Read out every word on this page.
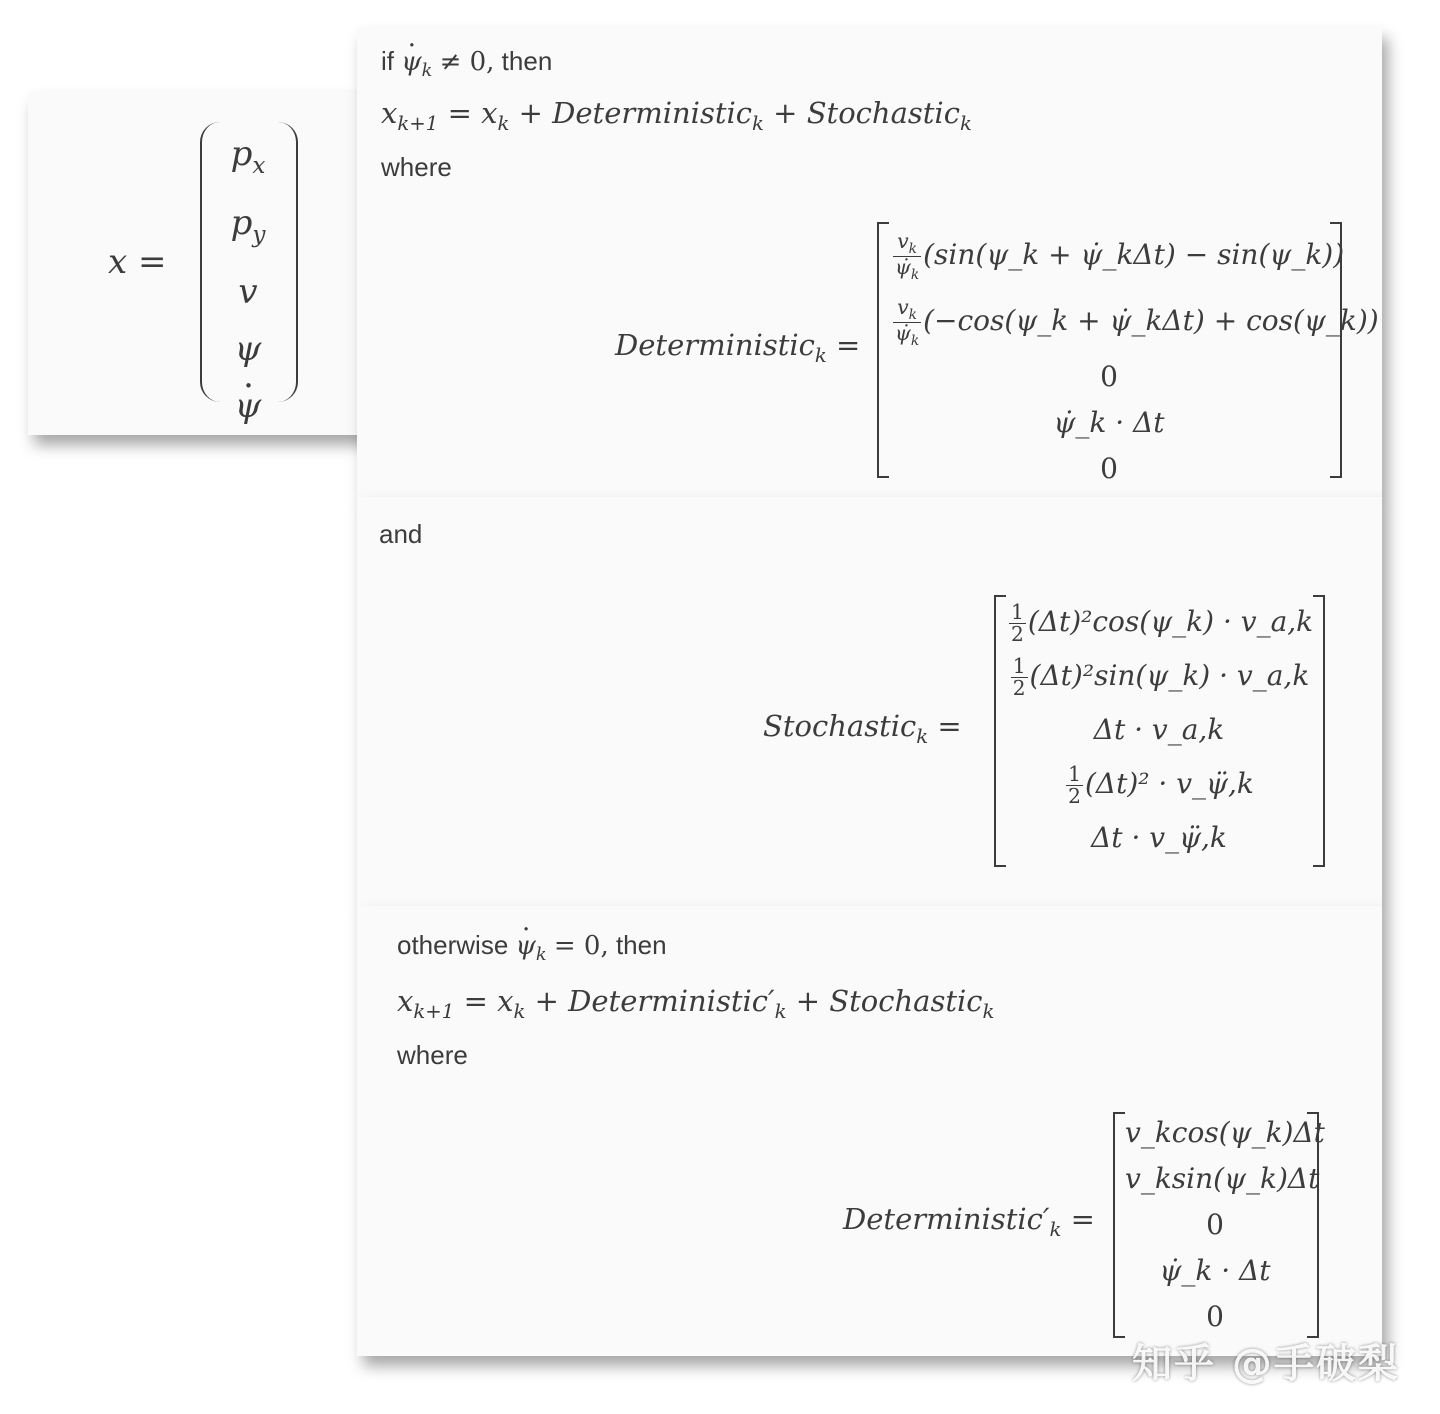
x =
$p_x$
$p_y$
v
ψ
· ψ
if · $\psi_k \ne 0$, then
$x_{k+1} = x_k$ + Deterministic$_k$ + Stochastic$_k$
where
Deterministic$_k$ =
$\frac{v_k}{\psi̇_k}$ (sin(ψ_k + ψ̇_kΔt) − sin(ψ_k))
$\frac{v_k}{\psi̇_k}$ (−cos(ψ_k + ψ̇_kΔt) + cos(ψ_k))
0
ψ̇_k · Δt
0
and
Stochastic$_k$ =
$\frac{1}{2}$ (Δt)²cos(ψ_k) · v_a,k
$\frac{1}{2}$ (Δt)²sin(ψ_k) · v_a,k
Δt · v_a,k
$\frac{1}{2} (\Delta t)^2$ · v_ψ̈,k
Δt · v_ψ̈,k
otherwise · $\psi_k = 0$, then
$x_{k+1} = x_k$ + $Deterministic'_k$ + Stochastic$_k$
where
$Deterministic'_k$ =
v_kcos(ψ_k)Δt
v_ksin(ψ_k)Δt
0
ψ̇_k · Δt
0
知乎 @手破梨
